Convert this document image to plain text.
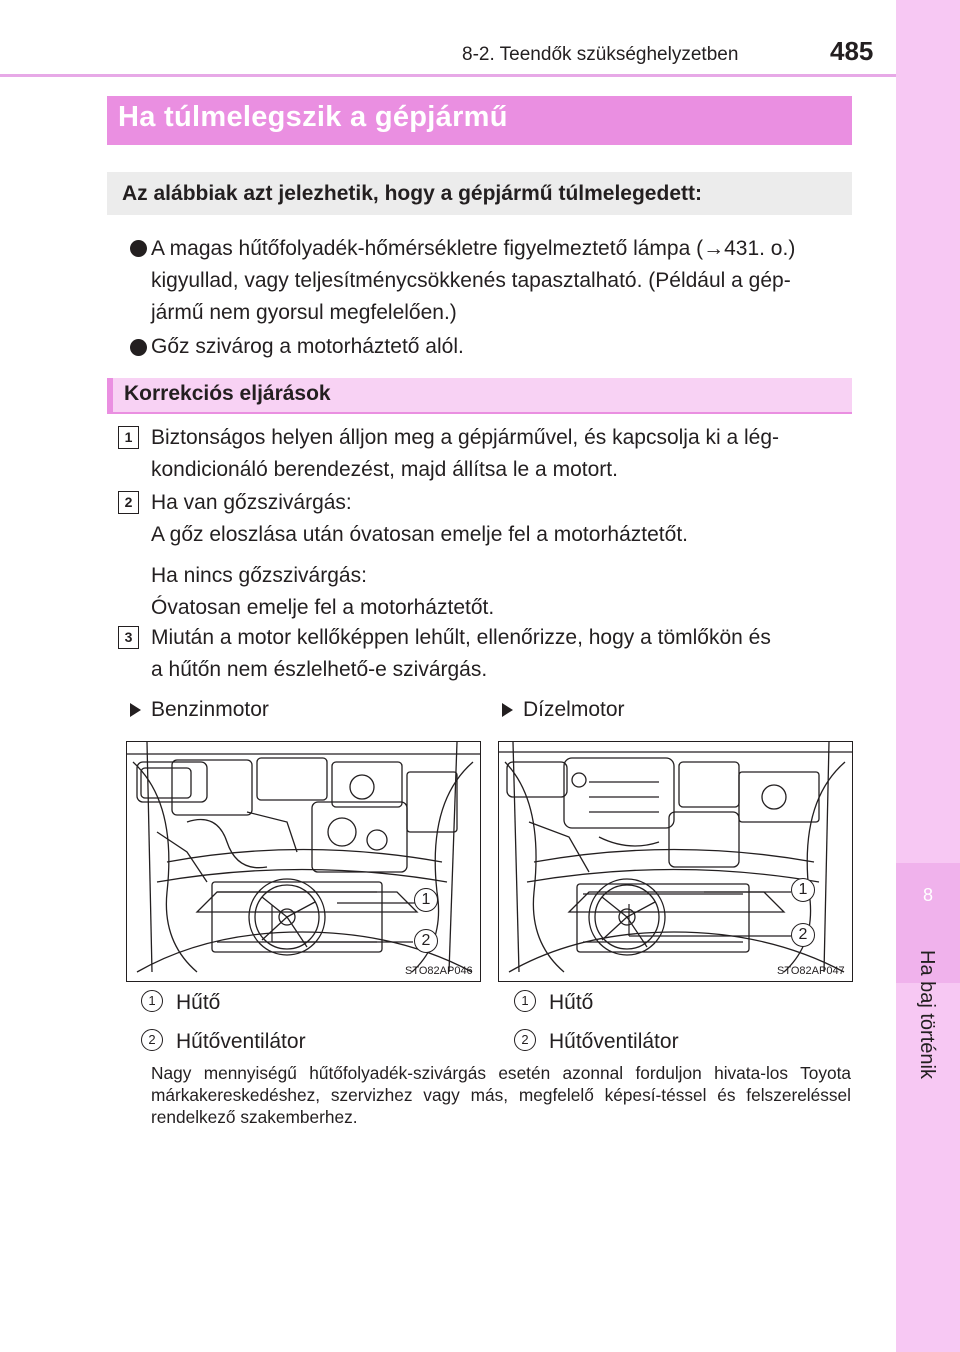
8
Ha baj történik
8-2. Teendők szükséghelyzetben	485
Ha túlmelegszik a gépjármű
Az alábbiak azt jelezhetik, hogy a gépjármű túlmelegedett:
A magas hűtőfolyadék-hőmérsékletre figyelmeztető lámpa (→431. o.)
kigyullad, vagy teljesítménycsökkenés tapasztalható. (Például a gép-
jármű nem gyorsul megfelelően.)
Gőz szivárog a motorháztető alól.
Korrekciós eljárások
1 Biztonságos helyen álljon meg a gépjárművel, és kapcsolja ki a lég-
kondicionáló berendezést, majd állítsa le a motort.
2 Ha van gőzszivárgás:
A gőz eloszlása után óvatosan emelje fel a motorháztetőt.
Ha nincs gőzszivárgás:
Óvatosan emelje fel a motorháztetőt.
3 Miután a motor kellőképpen lehűlt, ellenőrizze, hogy a tömlőkön és
a hűtőn nem észlelhető-e szivárgás.
Benzinmotor	Dízelmotor
1
2
STO82AP046
1
2
STO82AP047
1 Hűtő
2 Hűtőventilátor
1 Hűtő
2 Hűtőventilátor
Nagy mennyiségű hűtőfolyadék-szivárgás esetén azonnal forduljon hivata-los Toyota márkakereskedéshez, szervizhez vagy más, megfelelő képesí-téssel és felszereléssel rendelkező szakemberhez.
